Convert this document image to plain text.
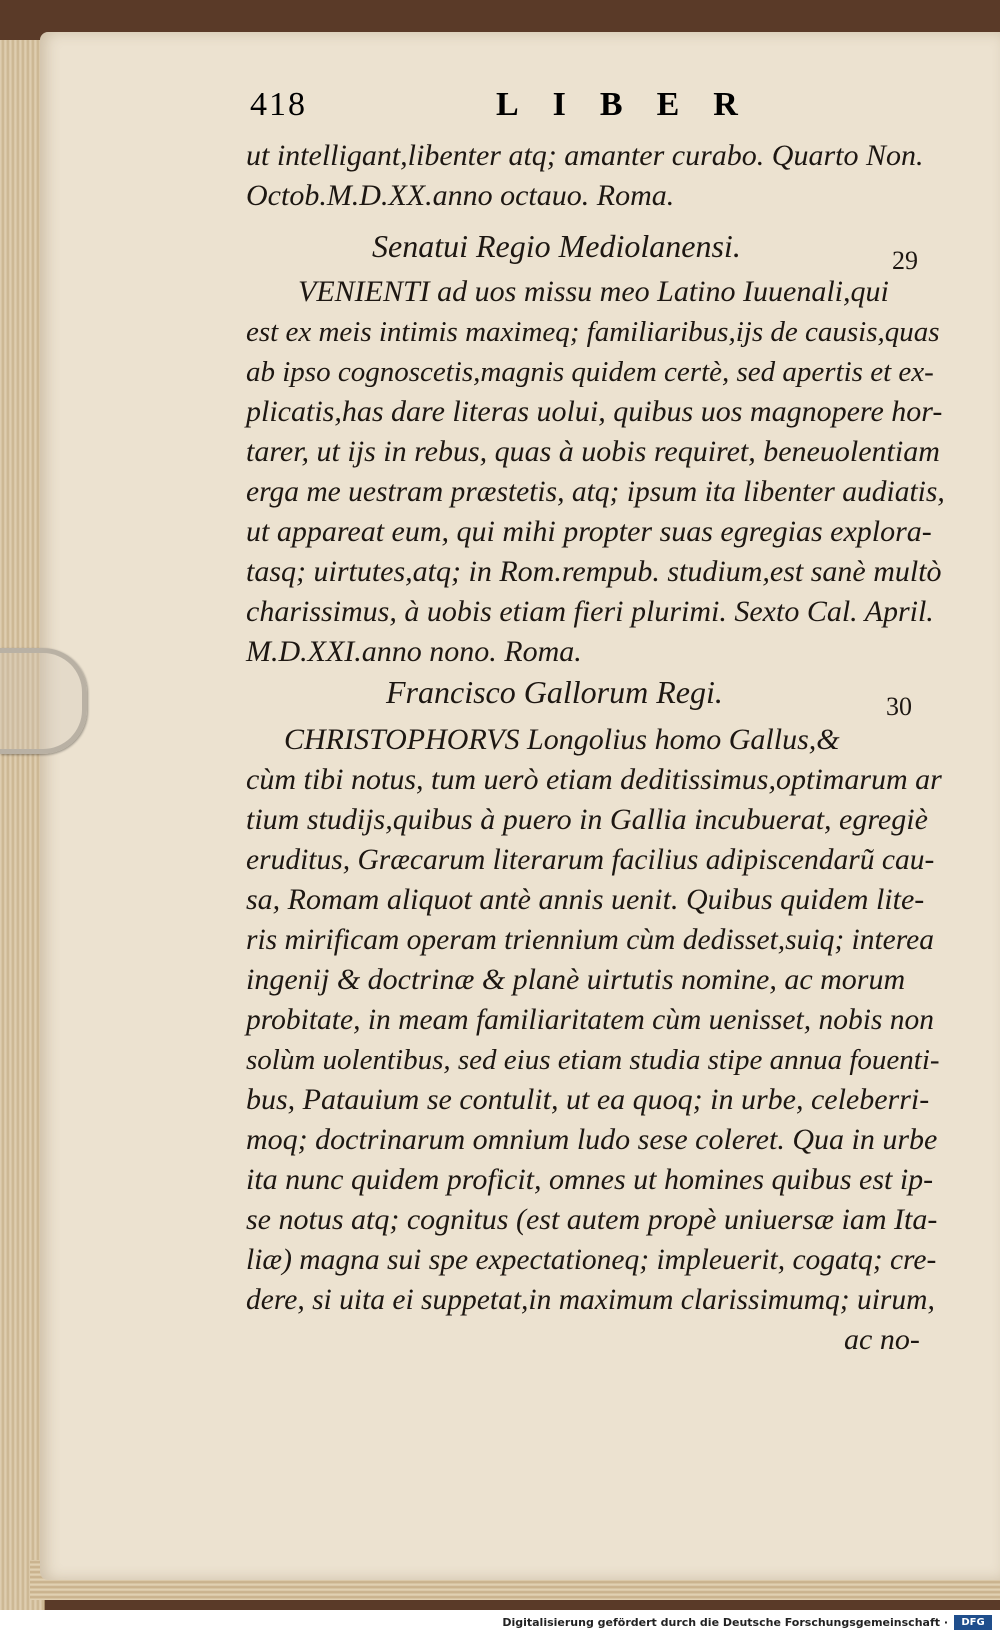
418	LIBER
ut intelligant,libenter atq; amanter curabo. Quarto Non.
Octob.M.D.XX.anno octauo. Roma.
Senatui Regio Mediolanensi.	29
VENIENTI ad uos missu meo Latino Iuuenali,qui
est ex meis intimis maximeq; familiaribus,ijs de causis,quas
ab ipso cognoscetis,magnis quidem certè, sed apertis et ex-
plicatis,has dare literas uolui, quibus uos magnopere hor-
tarer, ut ijs in rebus, quas à uobis requiret, beneuolentiam
erga me uestram præstetis, atq; ipsum ita libenter audiatis,
ut appareat eum, qui mihi propter suas egregias explora-
tasq; uirtutes,atq; in Rom.rempub. studium,est sanè multò
charissimus, à uobis etiam fieri plurimi. Sexto Cal. April.
M.D.XXI.anno nono. Roma.
Francisco Gallorum Regi.	30
CHRISTOPHORVS Longolius homo Gallus,&
cùm tibi notus, tum uerò etiam deditissimus,optimarum ar
tium studijs,quibus à puero in Gallia incubuerat, egregiè
eruditus, Græcarum literarum facilius adipiscendarũ cau-
sa, Romam aliquot antè annis uenit. Quibus quidem lite-
ris mirificam operam triennium cùm dedisset,suiq; interea
ingenij & doctrinæ & planè uirtutis nomine, ac morum
probitate, in meam familiaritatem cùm uenisset, nobis non
solùm uolentibus, sed eius etiam studia stipe annua fouenti-
bus, Patauium se contulit, ut ea quoq; in urbe, celeberri-
moq; doctrinarum omnium ludo sese coleret. Qua in urbe
ita nunc quidem proficit, omnes ut homines quibus est ip-
se notus atq; cognitus (est autem propè uniuersæ iam Ita-
liæ) magna sui spe expectationeq; impleuerit, cogatq; cre-
dere, si uita ei suppetat,in maximum clarissimumq; uirum,
ac no-
Digitalisierung gefördert durch die Deutsche Forschungsgemeinschaft ·	DFG
